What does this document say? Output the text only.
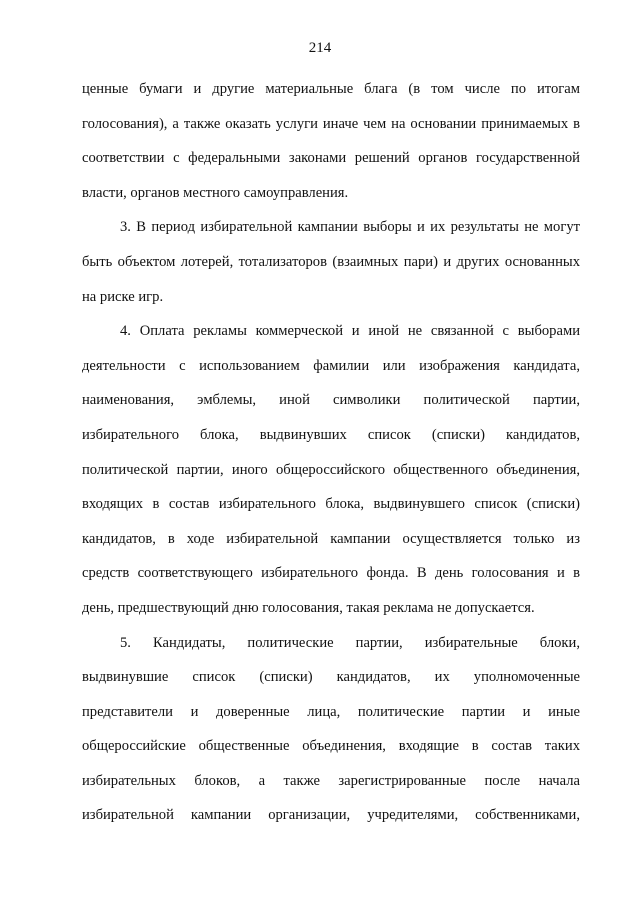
214
ценные бумаги и другие материальные блага (в том числе по итогам
голосования), а также оказать услуги иначе чем на основании принимаемых в
соответствии с федеральными законами решений органов государственной
власти, органов местного самоуправления.
3. В период избирательной кампании выборы и их результаты не могут
быть объектом лотерей, тотализаторов (взаимных пари) и других основанных
на риске игр.
4. Оплата рекламы коммерческой и иной не связанной с выборами
деятельности с использованием фамилии или изображения кандидата,
наименования, эмблемы, иной символики политической партии,
избирательного блока, выдвинувших список (списки) кандидатов,
политической партии, иного общероссийского общественного объединения,
входящих в состав избирательного блока, выдвинувшего список (списки)
кандидатов, в ходе избирательной кампании осуществляется только из
средств соответствующего избирательного фонда. В день голосования и в
день, предшествующий дню голосования, такая реклама не допускается.
5. Кандидаты, политические партии, избирательные блоки,
выдвинувшие список (списки) кандидатов, их уполномоченные
представители и доверенные лица, политические партии и иные
общероссийские общественные объединения, входящие в состав таких
избирательных блоков, а также зарегистрированные после начала
избирательной кампании организации, учредителями, собственниками,
